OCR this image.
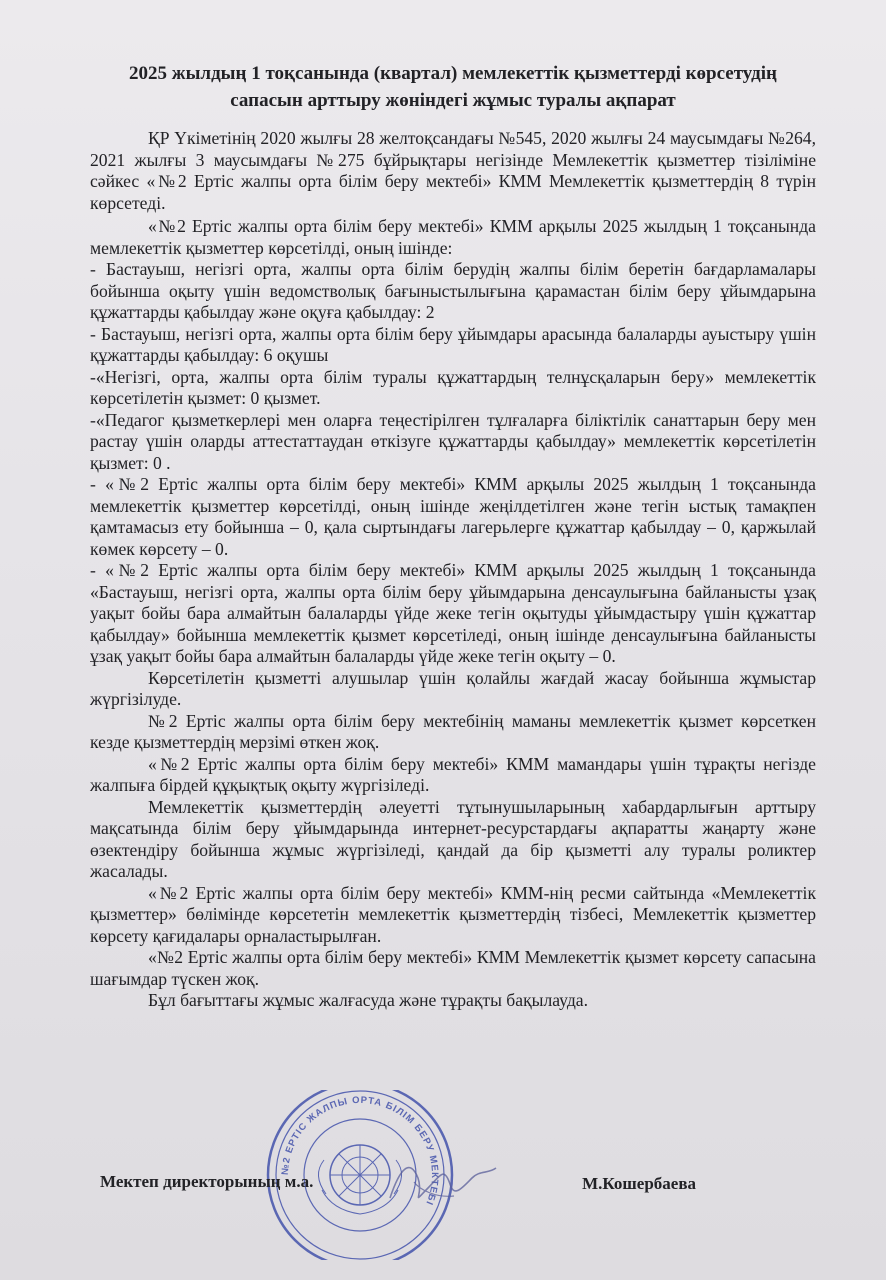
2025 жылдың 1 тоқсанында (квартал) мемлекеттік қызметтерді көрсетудің сапасын арттыру жөніндегі жұмыс туралы ақпарат

ҚР Үкіметінің 2020 жылғы 28 желтоқсандағы №545, 2020 жылғы 24 маусымдағы №264, 2021 жылғы 3 маусымдағы №275 бұйрықтары негізінде Мемлекеттік қызметтер тізіліміне сәйкес «№2 Ертіс жалпы орта білім беру мектебі» КММ Мемлекеттік қызметтердің 8 түрін көрсетеді.

«№2 Ертіс жалпы орта білім беру мектебі» КММ арқылы 2025 жылдың 1 тоқсанында мемлекеттік қызметтер көрсетілді, оның ішінде:

- Бастауыш, негізгі орта, жалпы орта білім берудің жалпы білім беретін бағдарламалары бойынша оқыту үшін ведомстволық бағыныстылығына қарамастан білім беру ұйымдарына құжаттарды қабылдау және оқуға қабылдау: 2

- Бастауыш, негізгі орта, жалпы орта білім беру ұйымдары арасында балаларды ауыстыру үшін құжаттарды қабылдау: 6 оқушы

-«Негізгі, орта, жалпы орта білім туралы құжаттардың телнұсқаларын беру» мемлекеттік көрсетілетін қызмет: 0 қызмет.

-«Педагог қызметкерлері мен оларға теңестірілген тұлғаларға біліктілік санаттарын беру мен растау үшін оларды аттестаттаудан өткізуге құжаттарды қабылдау» мемлекеттік көрсетілетін қызмет: 0 .

- «№2 Ертіс жалпы орта білім беру мектебі» КММ арқылы 2025 жылдың 1 тоқсанында мемлекеттік қызметтер көрсетілді, оның ішінде жеңілдетілген және тегін ыстық тамақпен қамтамасыз ету бойынша – 0, қала сыртындағы лагерьлерге құжаттар қабылдау – 0, қаржылай көмек көрсету – 0.

- «№2 Ертіс жалпы орта білім беру мектебі» КММ арқылы 2025 жылдың 1 тоқсанында «Бастауыш, негізгі орта, жалпы орта білім беру ұйымдарына денсаулығына байланысты ұзақ уақыт бойы бара алмайтын балаларды үйде жеке тегін оқытуды ұйымдастыру үшін құжаттар қабылдау» бойынша мемлекеттік қызмет көрсетіледі, оның ішінде денсаулығына байланысты ұзақ уақыт бойы бара алмайтын балаларды үйде жеке тегін оқыту – 0.

Көрсетілетін қызметті алушылар үшін қолайлы жағдай жасау бойынша жұмыстар жүргізілуде.

№2 Ертіс жалпы орта білім беру мектебінің маманы мемлекеттік қызмет көрсеткен кезде қызметтердің мерзімі өткен жоқ.

«№2 Ертіс жалпы орта білім беру мектебі» КММ мамандары үшін тұрақты негізде жалпыға бірдей құқықтық оқыту жүргізіледі.

Мемлекеттік қызметтердің әлеуетті тұтынушыларының хабардарлығын арттыру мақсатында білім беру ұйымдарында интернет-ресурстардағы ақпаратты жаңарту және өзектендіру бойынша жұмыс жүргізіледі, қандай да бір қызметті алу туралы роликтер жасалады.

«№2 Ертіс жалпы орта білім беру мектебі» КММ-нің ресми сайтында «Мемлекеттік қызметтер» бөлімінде көрсететін мемлекеттік қызметтердің тізбесі, Мемлекеттік қызметтер көрсету қағидалары орналастырылған.

«№2 Ертіс жалпы орта білім беру мектебі» КММ Мемлекеттік қызмет көрсету сапасына шағымдар түскен жоқ.

Бұл бағыттағы жұмыс жалғасуда және тұрақты бақылауда.

№2 ЕРТІС ЖАЛПЫ ОРТА БІЛІМ БЕРУ МЕКТЕБІ
Мектеп директорының м.а.	М.Кошербаева
